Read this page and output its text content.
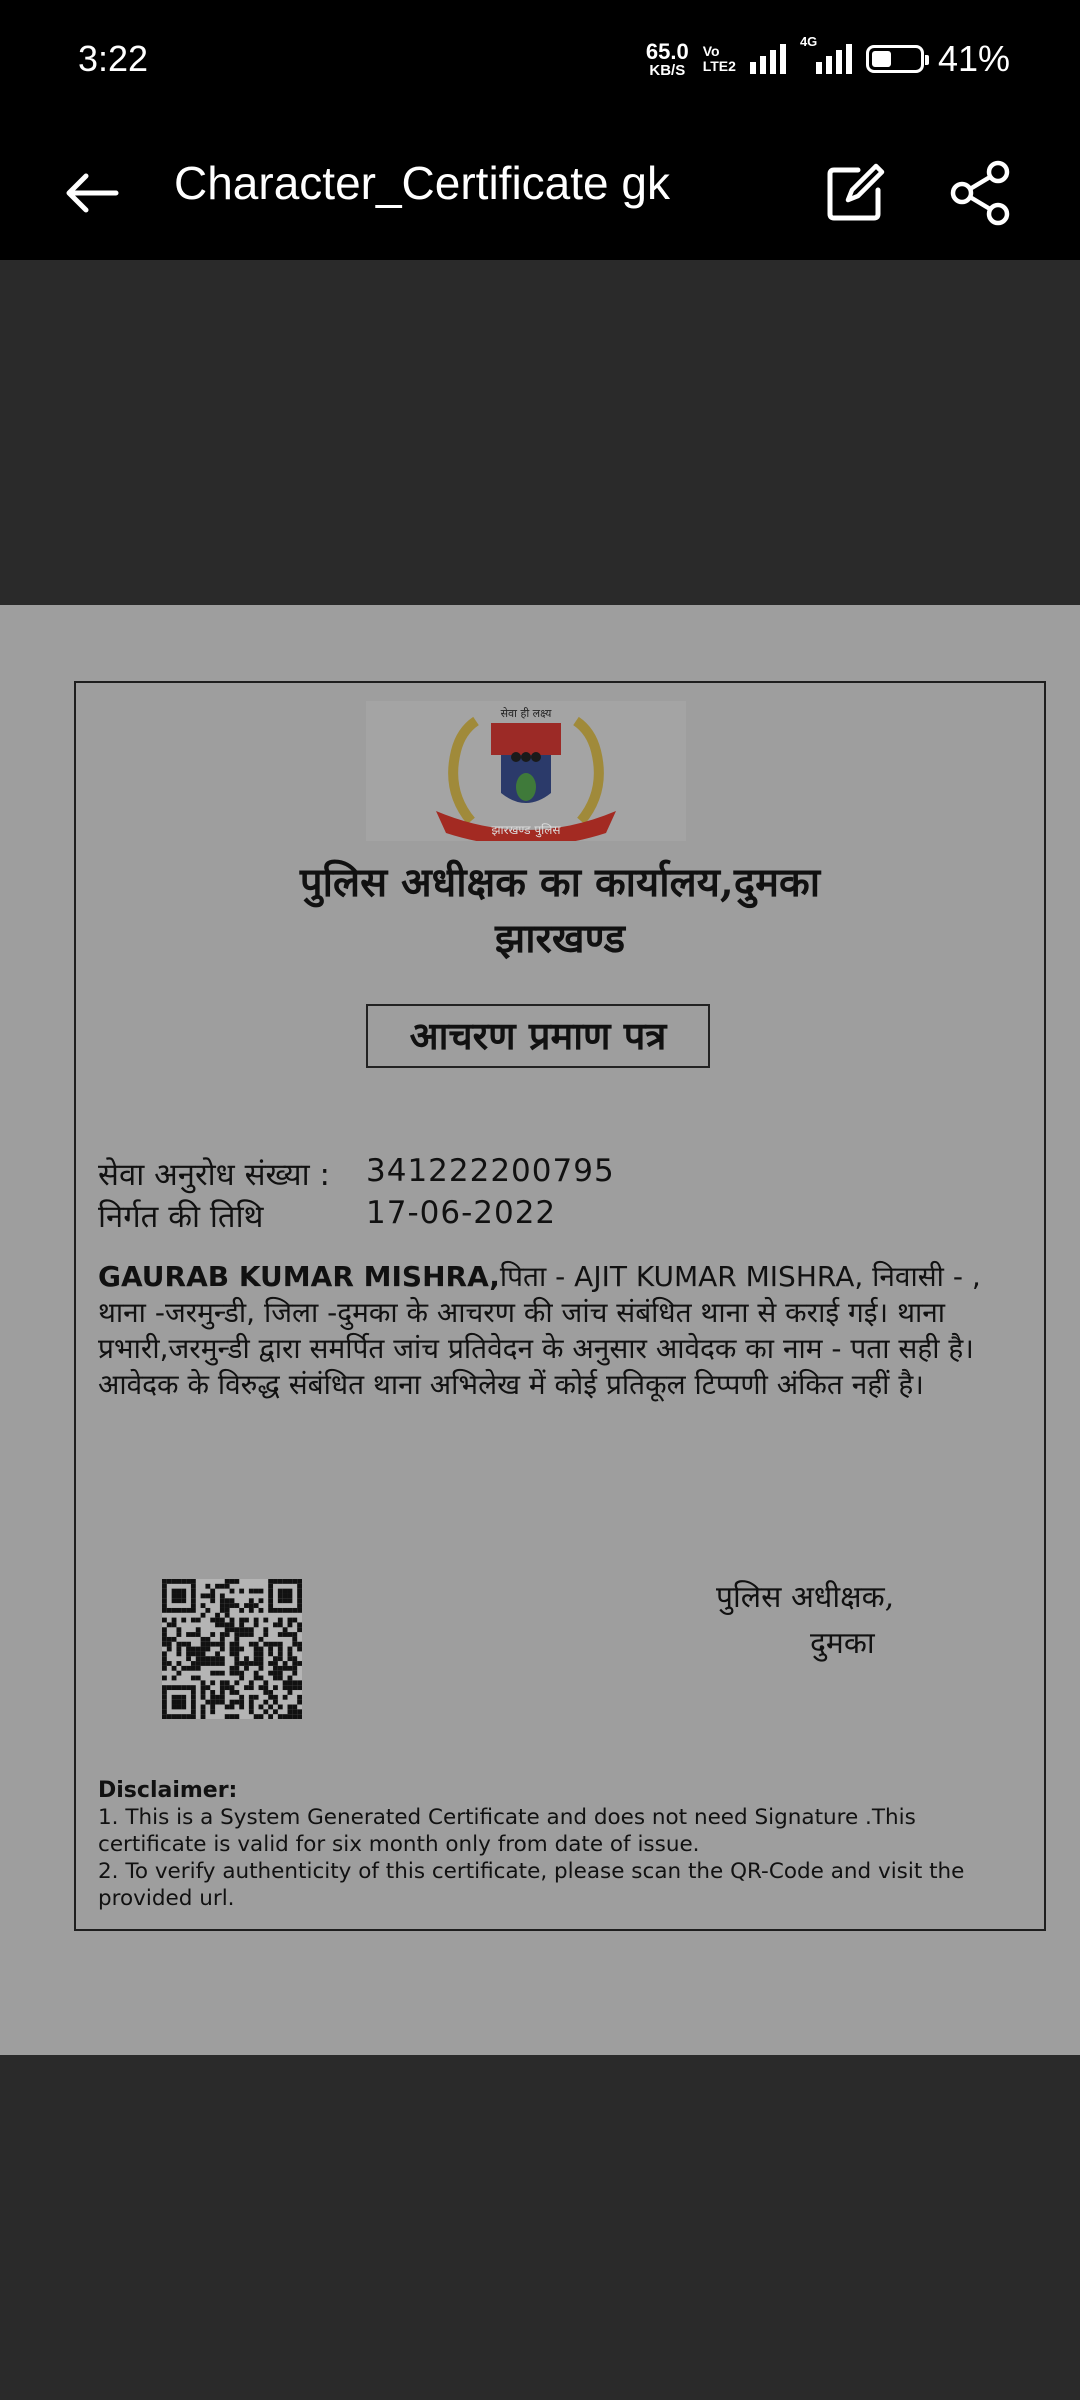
3:22	65.0
KB/S
Vo
LTE2
4G	41%
Character_Certificate gk
सेवा ही लक्ष्य
झारखण्ड पुलिस
पुलिस अधीक्षक का कार्यालय,दुमका
झारखण्ड
आचरण प्रमाण पत्र
सेवा अनुरोध संख्या : 341222200795
निर्गत की तिथि	17-06-2022
GAURAB KUMAR MISHRA,पिता - AJIT KUMAR MISHRA, निवासी - , थाना -जरमुन्डी, जिला -दुमका के आचरण की जांच संबंधित थाना से कराई गई। थाना प्रभारी,जरमुन्डी द्वारा समर्पित जांच प्रतिवेदन के अनुसार आवेदक का नाम - पता सही है। आवेदक के विरुद्ध संबंधित थाना अभिलेख में कोई प्रतिकूल टिप्पणी अंकित नहीं है।
पुलिस अधीक्षक,
दुमका
Disclaimer:
1. This is a System Generated Certificate and does not need Signature .This certificate is valid for six month only from date of issue.
2. To verify authenticity of this certificate, please scan the QR-Code and visit the provided url.
